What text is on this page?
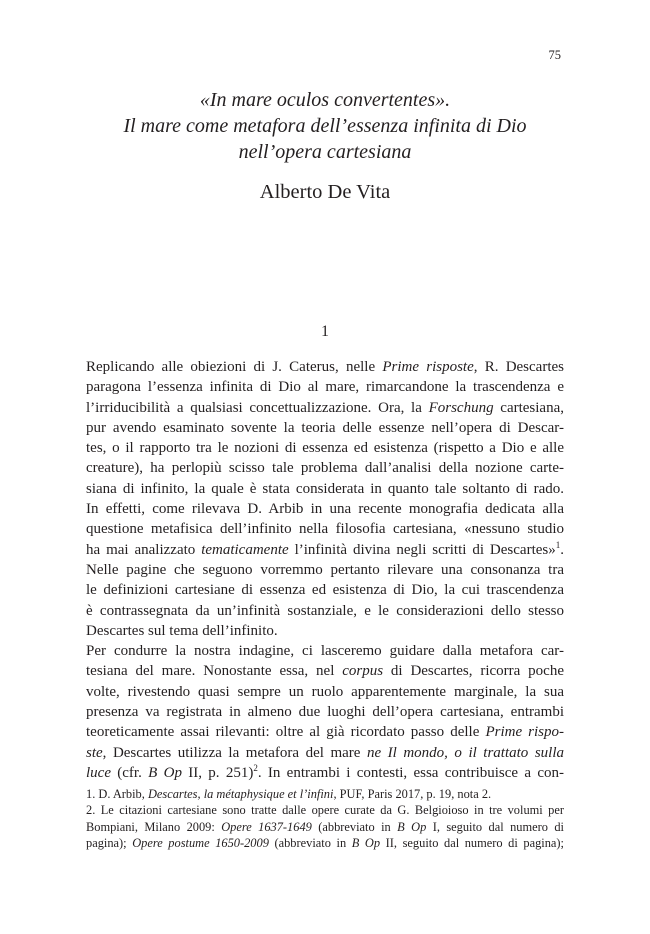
75
«In mare oculos convertentes».
Il mare come metafora dell’essenza infinita di Dio
nell’opera cartesiana
Alberto De Vita
1
Replicando alle obiezioni di J. Caterus, nelle Prime risposte, R. Descartes
paragona l’essenza infinita di Dio al mare, rimarcandone la trascendenza e
l’irriducibilità a qualsiasi concettualizzazione. Ora, la Forschung cartesiana,
pur avendo esaminato sovente la teoria delle essenze nell’opera di Descar-
tes, o il rapporto tra le nozioni di essenza ed esistenza (rispetto a Dio e alle
creature), ha perlopiù scisso tale problema dall’analisi della nozione carte-
siana di infinito, la quale è stata considerata in quanto tale soltanto di rado.
In effetti, come rilevava D. Arbib in una recente monografia dedicata alla
questione metafisica dell’infinito nella filosofia cartesiana, «nessuno studio
ha mai analizzato tematicamente l’infinità divina negli scritti di Descartes»$^1$.
Nelle pagine che seguono vorremmo pertanto rilevare una consonanza tra
le definizioni cartesiane di essenza ed esistenza di Dio, la cui trascendenza
è contrassegnata da un’infinità sostanziale, e le considerazioni dello stesso
Descartes sul tema dell’infinito.
Per condurre la nostra indagine, ci lasceremo guidare dalla metafora car-
tesiana del mare. Nonostante essa, nel corpus di Descartes, ricorra poche
volte, rivestendo quasi sempre un ruolo apparentemente marginale, la sua
presenza va registrata in almeno due luoghi dell’opera cartesiana, entrambi
teoreticamente assai rilevanti: oltre al già ricordato passo delle Prime rispo-
ste, Descartes utilizza la metafora del mare ne Il mondo, o il trattato sulla
luce (cfr. B Op II, p. 251)$^2$. In entrambi i contesti, essa contribuisce a con-

1. D. Arbib, Descartes, la métaphysique et l’infini, PUF, Paris 2017, p. 19, nota 2.

2. Le citazioni cartesiane sono tratte dalle opere curate da G. Belgioioso in tre volumi per
Bompiani, Milano 2009: Opere 1637-1649 (abbreviato in B Op I, seguito dal numero di
pagina); Opere postume 1650-2009 (abbreviato in B Op II, seguito dal numero di pagina);
